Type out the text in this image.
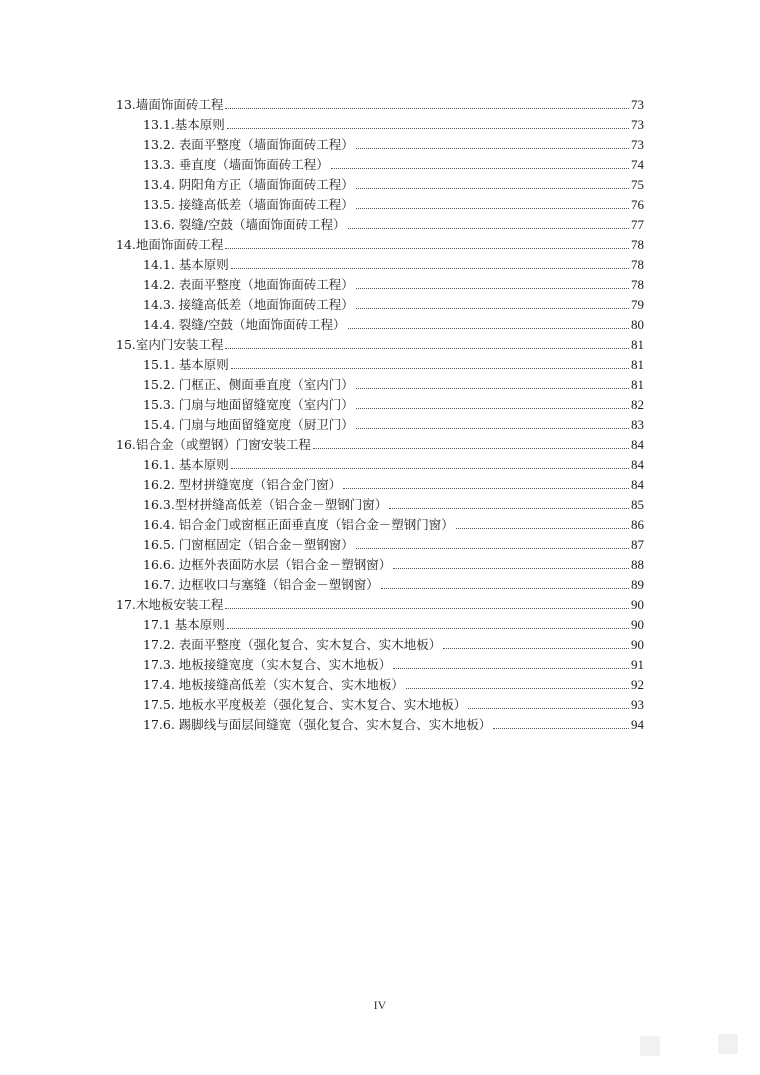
13.墙面饰面砖工程	73
13.1.基本原则	73
13.2. 表面平整度（墙面饰面砖工程）	73
13.3. 垂直度（墙面饰面砖工程）	74
13.4. 阴阳角方正（墙面饰面砖工程）	75
13.5. 接缝高低差（墙面饰面砖工程）	76
13.6. 裂缝/空鼓（墙面饰面砖工程）	77
14.地面饰面砖工程	78
14.1. 基本原则	78
14.2. 表面平整度（地面饰面砖工程）	78
14.3. 接缝高低差（地面饰面砖工程）	79
14.4. 裂缝/空鼓（地面饰面砖工程）	80
15.室内门安装工程	81
15.1. 基本原则	81
15.2. 门框正、侧面垂直度（室内门）	81
15.3. 门扇与地面留缝宽度（室内门）	82
15.4. 门扇与地面留缝宽度（厨卫门）	83
16.铝合金（或塑钢）门窗安装工程	84
16.1. 基本原则	84
16.2. 型材拼缝宽度（铝合金门窗）	84
16.3.型材拼缝高低差（铝合金－塑钢门窗）	85
16.4. 铝合金门或窗框正面垂直度（铝合金－塑钢门窗）	86
16.5. 门窗框固定（铝合金－塑钢窗）	87
16.6. 边框外表面防水层（铝合金－塑钢窗）	88
16.7. 边框收口与塞缝（铝合金－塑钢窗）	89
17.木地板安装工程	90
17.1 基本原则	90
17.2. 表面平整度（强化复合、实木复合、实木地板）	90
17.3. 地板接缝宽度（实木复合、实木地板）	91
17.4. 地板接缝高低差（实木复合、实木地板）	92
17.5. 地板水平度极差（强化复合、实木复合、实木地板）	93
17.6. 踢脚线与面层间缝宽（强化复合、实木复合、实木地板）	94
IV
